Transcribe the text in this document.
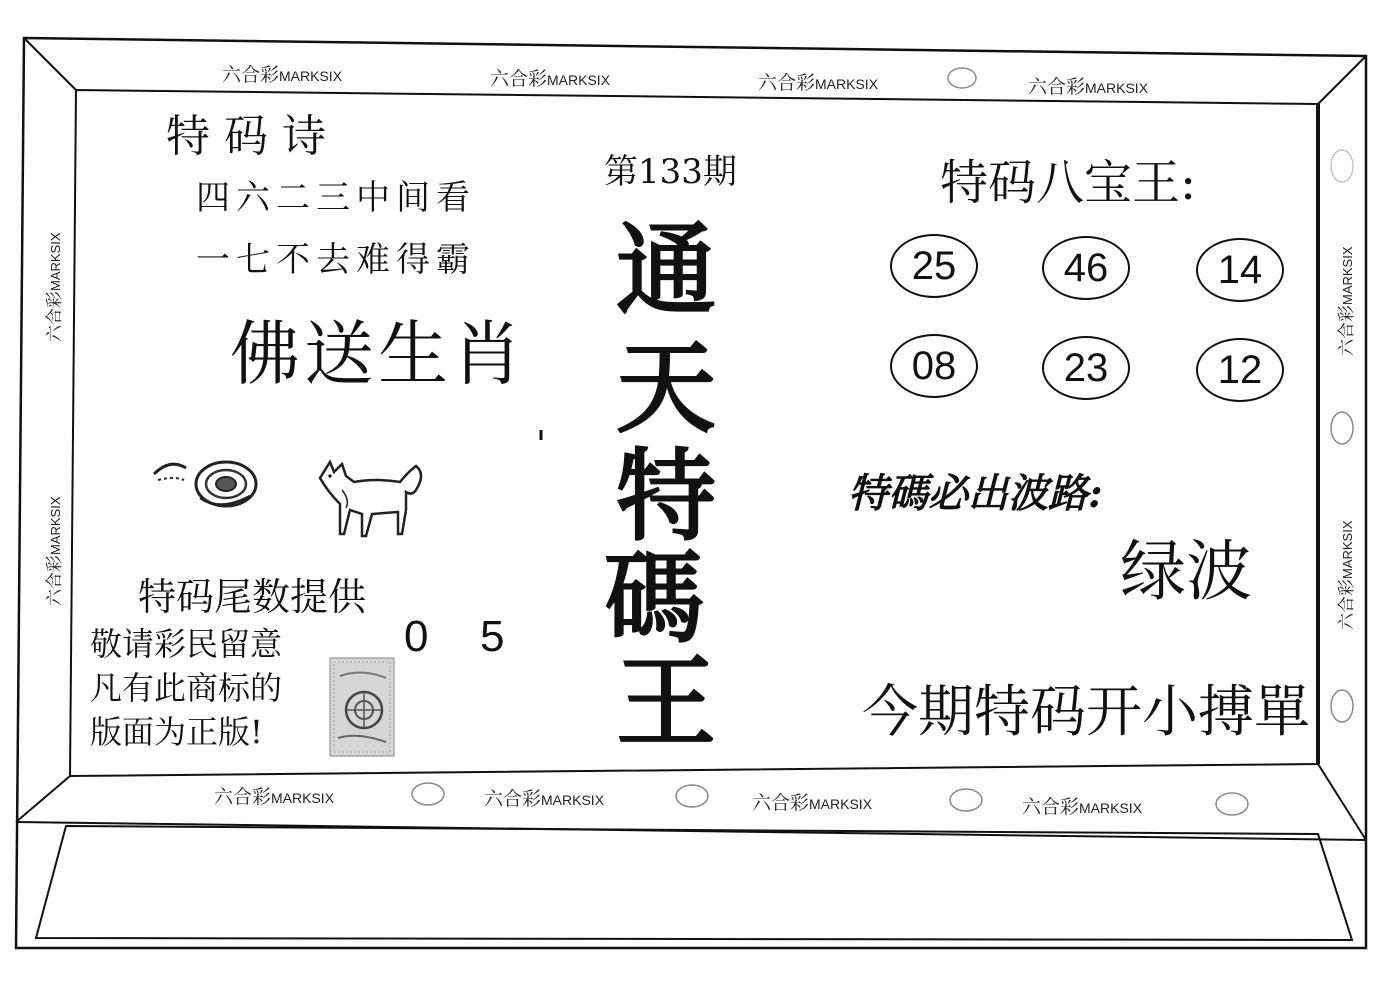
六合彩MARKSIX	六合彩MARKSIX	六合彩MARKSIX	六合彩MARKSIX
六合彩MARKSIX	六合彩MARKSIX	六合彩MARKSIX	六合彩MARKSIX
六合彩MARKSIX
六合彩MARKSIX
六合彩MARKSIX
六合彩MARKSIX
特码诗
四六二三中间看
一七不去难得霸
佛送生肖
特码尾数提供
0 5
敬请彩民留意
凡有此商标的
版面为正版!
第133期
通
天
特
碼
王
特码八宝王:
25	46	14
08	23	12
特碼必出波路:
绿波
今期特码开小搏單
